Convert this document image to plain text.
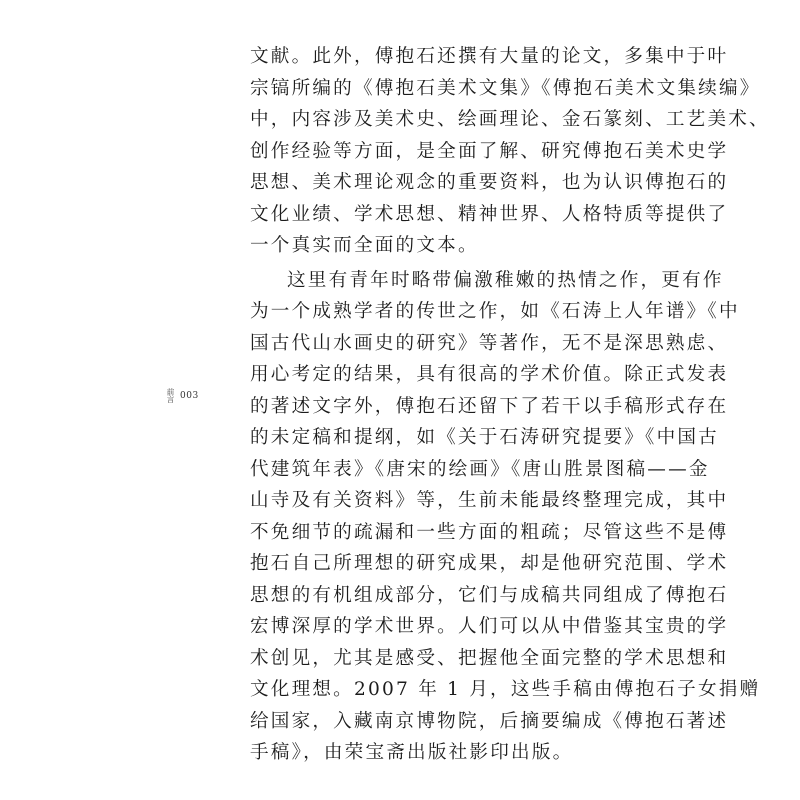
前言 003
文献。此外，傅抱石还撰有大量的论文，多集中于叶
宗镐所编的《傅抱石美术文集》《傅抱石美术文集续编》
中，内容涉及美术史、绘画理论、金石篆刻、工艺美术、
创作经验等方面，是全面了解、研究傅抱石美术史学
思想、美术理论观念的重要资料，也为认识傅抱石的
文化业绩、学术思想、精神世界、人格特质等提供了
一个真实而全面的文本。
这里有青年时略带偏激稚嫩的热情之作，更有作
为一个成熟学者的传世之作，如《石涛上人年谱》《中
国古代山水画史的研究》等著作，无不是深思熟虑、
用心考定的结果，具有很高的学术价值。除正式发表
的著述文字外，傅抱石还留下了若干以手稿形式存在
的未定稿和提纲，如《关于石涛研究提要》《中国古
代建筑年表》《唐宋的绘画》《唐山胜景图稿——金
山寺及有关资料》等，生前未能最终整理完成，其中
不免细节的疏漏和一些方面的粗疏；尽管这些不是傅
抱石自己所理想的研究成果，却是他研究范围、学术
思想的有机组成部分，它们与成稿共同组成了傅抱石
宏博深厚的学术世界。人们可以从中借鉴其宝贵的学
术创见，尤其是感受、把握他全面完整的学术思想和
文化理想。2007 年 1 月，这些手稿由傅抱石子女捐赠
给国家，入藏南京博物院，后摘要编成《傅抱石著述
手稿》，由荣宝斋出版社影印出版。
